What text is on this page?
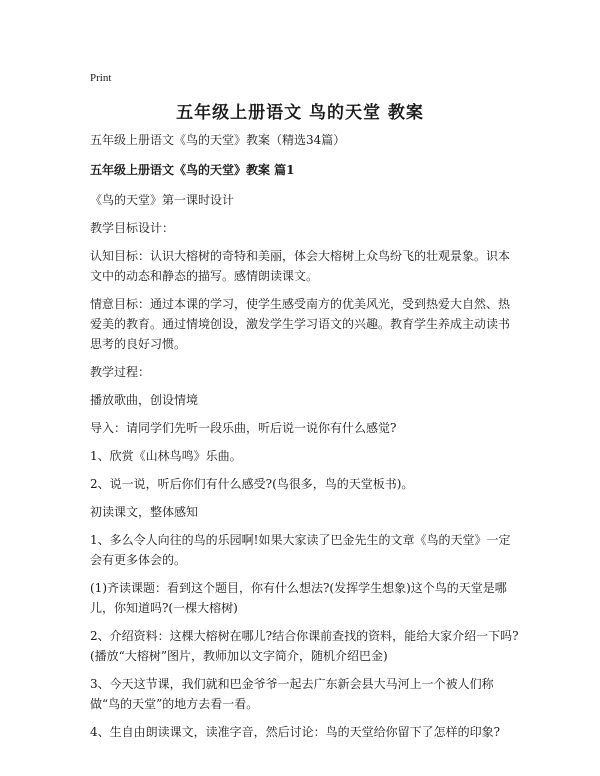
Print
五年级上册语文 鸟的天堂 教案

五年级上册语文《鸟的天堂》教案（精选34篇）

五年级上册语文《鸟的天堂》教案 篇1

《鸟的天堂》第一课时设计

教学目标设计：

认知目标：认识大榕树的奇特和美丽，体会大榕树上众鸟纷飞的壮观景象。识本文中的动态和静态的描写。感情朗读课文。

情意目标：通过本课的学习，使学生感受南方的优美风光，受到热爱大自然、热爱美的教育。通过情境创设，激发学生学习语文的兴趣。教育学生养成主动读书思考的良好习惯。

教学过程：

播放歌曲，创设情境

导入：请同学们先听一段乐曲，听后说一说你有什么感觉?

1、欣赏《山林鸟鸣》乐曲。

2、说一说，听后你们有什么感受?(鸟很多，鸟的天堂板书)。

初读课文，整体感知

1、多么令人向往的鸟的乐园啊!如果大家读了巴金先生的文章《鸟的天堂》一定会有更多体会的。

(1)齐读课题：看到这个题目，你有什么想法?(发挥学生想象)这个鸟的天堂是哪儿，你知道吗?(一棵大榕树)

2、介绍资料：这棵大榕树在哪儿?结合你课前查找的资料，能给大家介绍一下吗?(播放“大榕树”图片，教师加以文字简介，随机介绍巴金)

3、今天这节课，我们就和巴金爷爷一起去广东新会县大马河上一个被人们称做“鸟的天堂”的地方去看一看。

4、生自由朗读课文，读准字音，然后讨论：鸟的天堂给你留下了怎样的印象?
